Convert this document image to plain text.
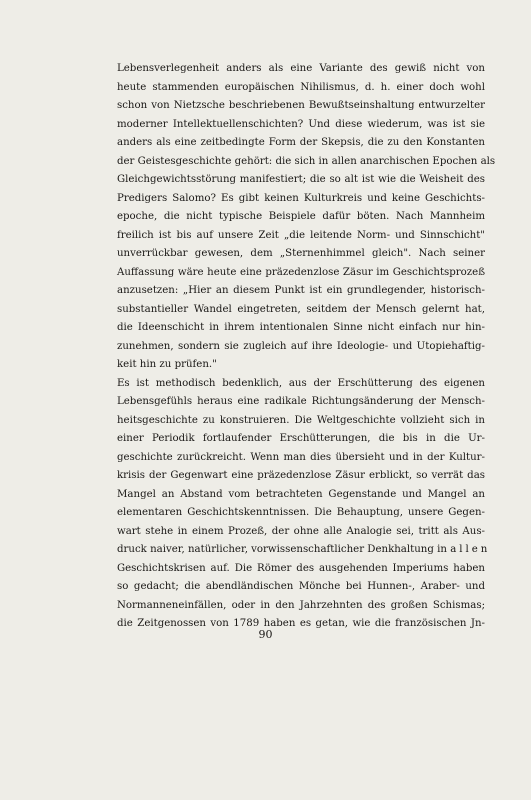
Lebensverlegenheit anders als eine Variante des gewiß nicht von
heute stammenden europäischen Nihilismus, d. h. einer doch wohl
schon von Nietzsche beschriebenen Bewußtseinshaltung entwurzelter
moderner Intellektuellenschichten? Und diese wiederum, was ist sie
anders als eine zeitbedingte Form der Skepsis, die zu den Konstanten
der Geistesgeschichte gehört: die sich in allen anarchischen Epochen als
Gleichgewichtsstörung manifestiert; die so alt ist wie die Weisheit des
Predigers Salomo? Es gibt keinen Kulturkreis und keine Geschichts-
epoche, die nicht typische Beispiele dafür böten. Nach Mannheim
freilich ist bis auf unsere Zeit „die leitende Norm- und Sinnschicht"
unverrückbar gewesen, dem „Sternenhimmel gleich". Nach seiner
Auffassung wäre heute eine präzedenzlose Zäsur im Geschichtsprozeß
anzusetzen: „Hier an diesem Punkt ist ein grundlegender, historisch-
substantieller Wandel eingetreten, seitdem der Mensch gelernt hat,
die Ideenschicht in ihrem intentionalen Sinne nicht einfach nur hin-
zunehmen, sondern sie zugleich auf ihre Ideologie- und Utopiehaftig-
keit hin zu prüfen."
Es ist methodisch bedenklich, aus der Erschütterung des eigenen
Lebensgefühls heraus eine radikale Richtungsänderung der Mensch-
heitsgeschichte zu konstruieren. Die Weltgeschichte vollzieht sich in
einer Periodik fortlaufender Erschütterungen, die bis in die Ur-
geschichte zurückreicht. Wenn man dies übersieht und in der Kultur-
krisis der Gegenwart eine präzedenzlose Zäsur erblickt, so verrät das
Mangel an Abstand vom betrachteten Gegenstande und Mangel an
elementaren Geschichtskenntnissen. Die Behauptung, unsere Gegen-
wart stehe in einem Prozeß, der ohne alle Analogie sei, tritt als Aus-
druck naiver, natürlicher, vorwissenschaftlicher Denkhaltung in allen
Geschichtskrisen auf. Die Römer des ausgehenden Imperiums haben
so gedacht; die abendländischen Mönche bei Hunnen-, Araber- und
Normanneneinfällen, oder in den Jahrzehnten des großen Schismas;
die Zeitgenossen von 1789 haben es getan, wie die französischen Jn-
90
